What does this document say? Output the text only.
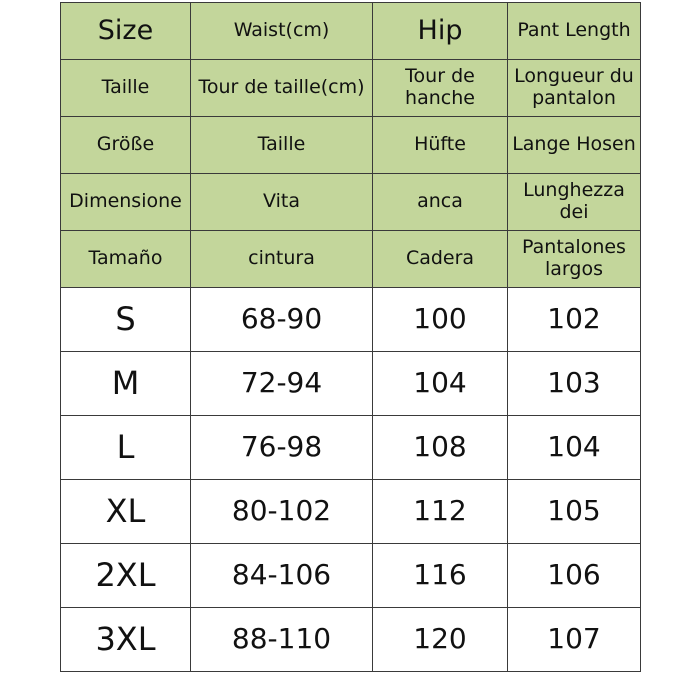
Size	Waist(cm)	Hip	Pant Length
Taille	Tour de taille(cm)	Tour de hanche	Longueur du pantalon
Größe	Taille	Hüfte	Lange Hosen
Dimensione	Vita	anca	Lunghezza dei
Tamaño	cintura	Cadera	Pantalones largos
S	68-90	100	102
M	72-94	104	103
L	76-98	108	104
XL	80-102	112	105
2XL	84-106	116	106
3XL	88-110	120	107
